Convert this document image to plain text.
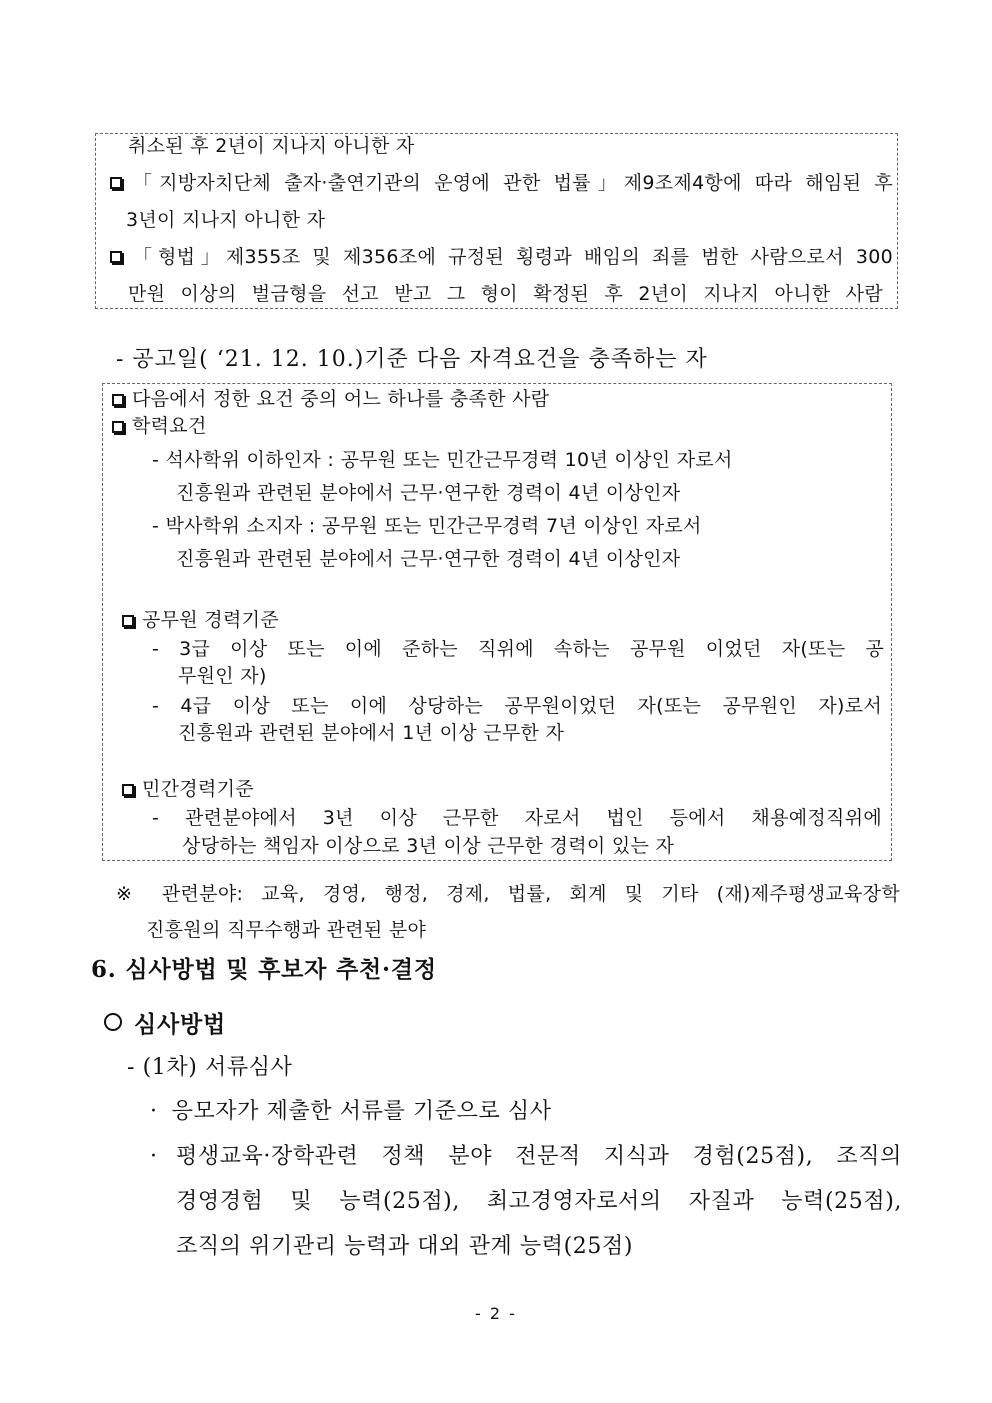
취소된 후 2년이 지나지 아니한 자
「지방자치단체 출자·출연기관의 운영에 관한 법률」제9조제4항에 따라 해임된 후
3년이 지나지 아니한 자
「형법」제355조 및 제356조에 규정된 횡령과 배임의 죄를 범한 사람으로서 300
만원 이상의 벌금형을 선고 받고 그 형이 확정된 후 2년이 지나지 아니한 사람
- 공고일( ‘21. 12. 10.)기준 다음 자격요건을 충족하는 자
다음에서 정한 요건 중의 어느 하나를 충족한 사람
학력요건
- 석사학위 이하인자 : 공무원 또는 민간근무경력 10년 이상인 자로서
진흥원과 관련된 분야에서 근무·연구한 경력이 4년 이상인자
- 박사학위 소지자 : 공무원 또는 민간근무경력 7년 이상인 자로서
진흥원과 관련된 분야에서 근무·연구한 경력이 4년 이상인자
공무원 경력기준
- 3급 이상 또는 이에 준하는 직위에 속하는 공무원 이었던 자(또는 공
무원인 자)
- 4급 이상 또는 이에 상당하는 공무원이었던 자(또는 공무원인 자)로서
진흥원과 관련된 분야에서 1년 이상 근무한 자
민간경력기준
- 관련분야에서 3년 이상 근무한 자로서 법인 등에서 채용예정직위에
상당하는 책임자 이상으로 3년 이상 근무한 경력이 있는 자
※ 관련분야: 교육, 경영, 행정, 경제, 법률, 회계 및 기타 (재)제주평생교육장학
진흥원의 직무수행과 관련된 분야
6. 심사방법 및 후보자 추천·결정
심사방법
- (1차) 서류심사
· 응모자가 제출한 서류를 기준으로 심사
· 평생교육·장학관련 정책 분야 전문적 지식과 경험(25점), 조직의
경영경험 및 능력(25점), 최고경영자로서의 자질과 능력(25점),
조직의 위기관리 능력과 대외 관계 능력(25점)
- 2 -
